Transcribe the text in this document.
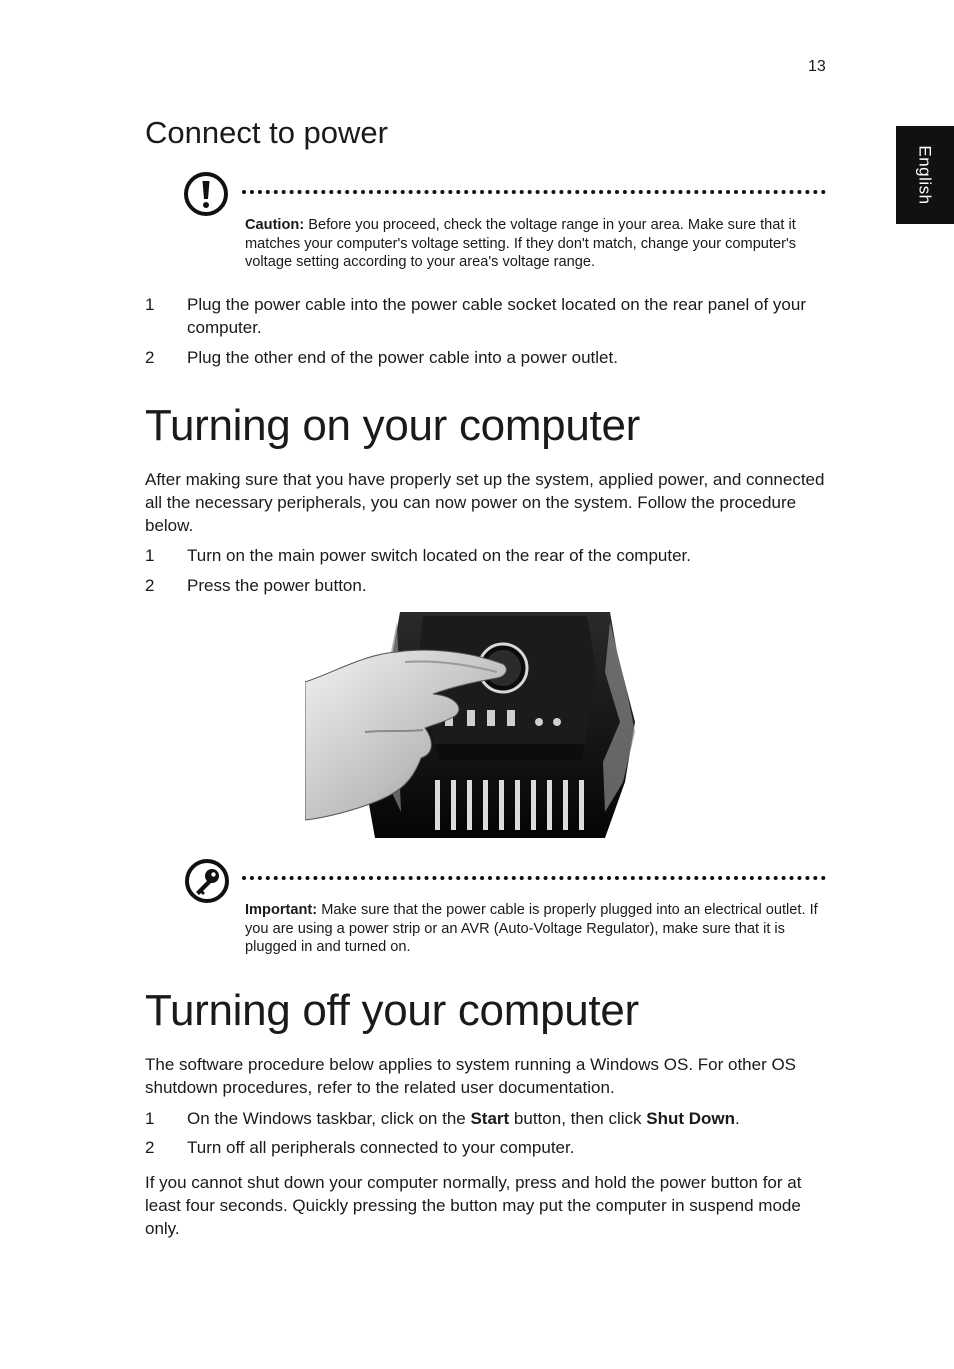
13
English
Connect to power
Caution: Before you proceed, check the voltage range in your area. Make sure that it matches your computer's voltage setting. If they don't match, change your computer's voltage setting according to your area's voltage range.
1	Plug the power cable into the power cable socket located on the rear panel of your computer.
2	Plug the other end of the power cable into a power outlet.
Turning on your computer

After making sure that you have properly set up the system, applied power, and connected all the necessary peripherals, you can now power on the system. Follow the procedure below.

1	Turn on the main power switch located on the rear of the computer.
2	Press the power button.
Important: Make sure that the power cable is properly plugged into an electrical outlet. If you are using a power strip or an AVR (Auto-Voltage Regulator), make sure that it is plugged in and turned on.
Turning off your computer

The software procedure below applies to system running a Windows OS. For other OS shutdown procedures, refer to the related user documentation.

1	On the Windows taskbar, click on the Start button, then click Shut Down.
2	Turn off all peripherals connected to your computer.

If you cannot shut down your computer normally, press and hold the power button for at least four seconds. Quickly pressing the button may put the computer in suspend mode only.
